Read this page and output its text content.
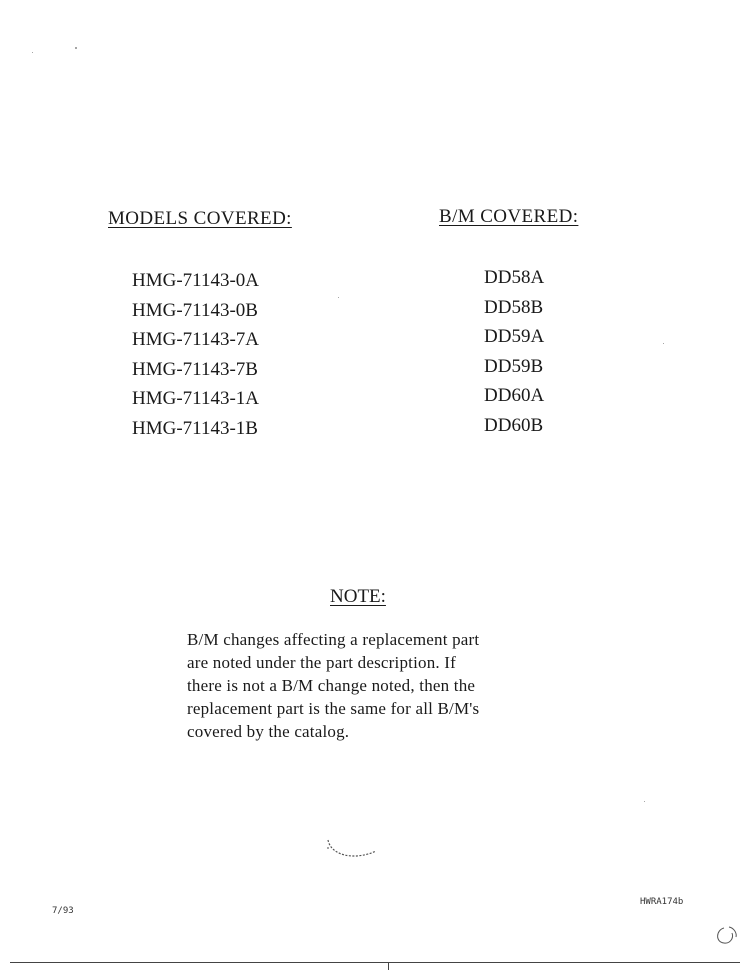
MODELS COVERED:	B/M COVERED:
HMG-71143-0A
HMG-71143-0B
HMG-71143-7A
HMG-71143-7B
HMG-71143-1A
HMG-71143-1B
DD58A
DD58B
DD59A
DD59B
DD60A
DD60B
NOTE:
B/M changes affecting a replacement part
are noted under the part description. If
there is not a B/M change noted, then the
replacement part is the same for all B/M's
covered by the catalog.
7/93
HWRA174b
